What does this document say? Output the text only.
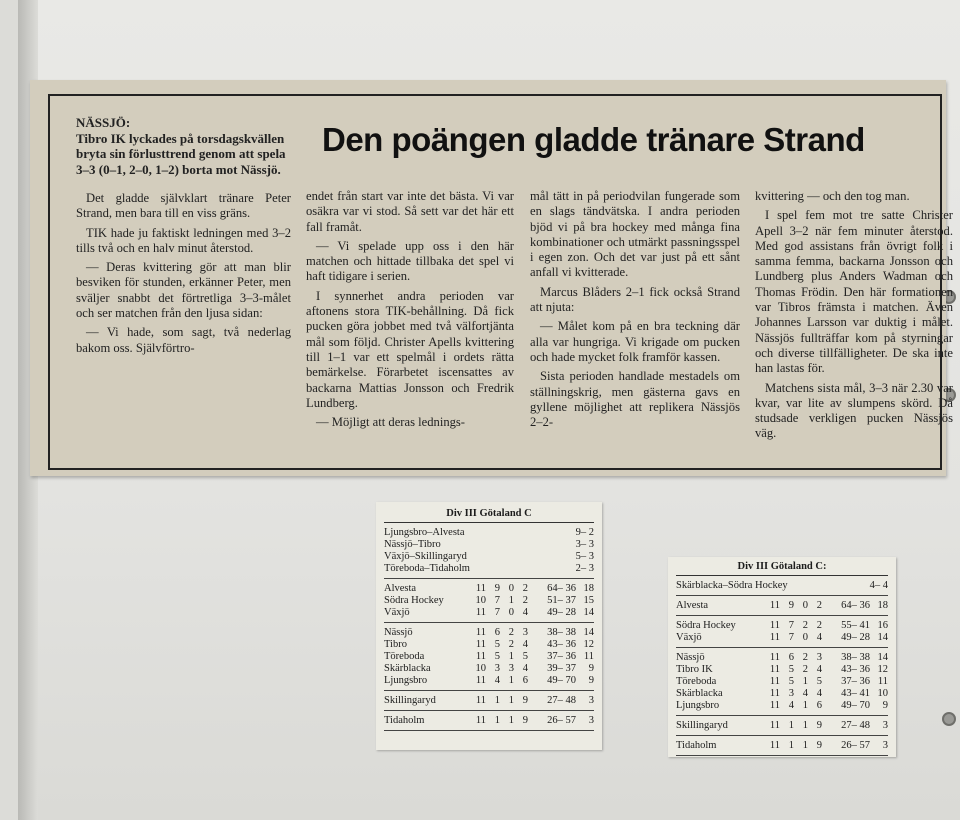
Den poängen gladde tränare Strand
NÄSSJÖ:
Tibro IK lyckades på torsdagskvällen bryta sin förlusttrend genom att spela 3–3 (0–1, 2–0, 1–2) borta mot Nässjö.

Det gladde självklart tränare Peter Strand, men bara till en viss gräns.

TIK hade ju faktiskt ledningen med 3–2 tills två och en halv minut återstod.

— Deras kvittering gör att man blir besviken för stunden, erkänner Peter, men sväljer snabbt det förtretliga 3–3-målet och ser matchen från den ljusa sidan:

— Vi hade, som sagt, två nederlag bakom oss. Självförtro-

endet från start var inte det bästa. Vi var osäkra var vi stod. Så sett var det här ett fall framåt.

— Vi spelade upp oss i den här matchen och hittade tillbaka det spel vi haft tidigare i serien.

I synnerhet andra perioden var aftonens stora TIK-behållning. Då fick pucken göra jobbet med två välfortjänta mål som följd. Christer Apells kvittering till 1–1 var ett spelmål i ordets rätta bemärkelse. Förarbetet iscensattes av backarna Mattias Jonsson och Fredrik Lundberg.

— Möjligt att deras lednings-

mål tätt in på periodvilan fungerade som en slags tändvätska. I andra perioden bjöd vi på bra hockey med många fina kombinationer och utmärkt passningsspel i egen zon. Och det var just på ett sånt anfall vi kvitterade.

Marcus Blåders 2–1 fick också Strand att njuta:

— Målet kom på en bra teckning där alla var hungriga. Vi krigade om pucken och hade mycket folk framför kassen.

Sista perioden handlade mestadels om ställningskrig, men gästerna gavs en gyllene möjlighet att replikera Nässjös 2–2-

kvittering — och den tog man.

I spel fem mot tre satte Christer Apell 3–2 när fem minuter återstod. Med god assistans från övrigt folk i samma femma, backarna Jonsson och Lundberg plus Anders Wadman och Thomas Frödin. Den här formationen var Tibros främsta i matchen. Även Johannes Larsson var duktig i målet. Nässjös fullträffar kom på styrningar och diverse tillfälligheter. De ska inte han lastas för.

Matchens sista mål, 3–3 när 2.30 var kvar, var lite av slumpens skörd. Då studsade verkligen pucken Nässjös väg.

Div III Götaland C
Ljungsbro–Alvesta	9– 2
Nässjö–Tibro	3– 3
Växjö–Skillingaryd	5– 3
Töreboda–Tidaholm	2– 3
Alvesta	11 9 0 2	64– 36 18
Södra Hockey	10 7 1 2	51– 37 15
Växjö	11 7 0 4	49– 28 14
Nässjö	11 6 2 3	38– 38 14
Tibro	11 5 2 4	43– 36 12
Töreboda	11 5 1 5	37– 36 11
Skärblacka	10 3 3 4	39– 37	9
Ljungsbro	11 4 1 6	49– 70	9
Skillingaryd	11 1 1 9	27– 48	3
Tidaholm	11 1 1 9	26– 57	3
Div III Götaland C:
Skärblacka–Södra Hockey	4– 4
Alvesta	11 9 0 2	64– 36 18
Södra Hockey	11 7 2 2	55– 41 16
Växjö	11 7 0 4	49– 28 14
Nässjö	11 6 2 3	38– 38 14
Tibro IK	11 5 2 4	43– 36 12
Töreboda	11 5 1 5	37– 36 11
Skärblacka	11 3 4 4	43– 41 10
Ljungsbro	11 4 1 6	49– 70	9
Skillingaryd	11 1 1 9	27– 48	3
Tidaholm	11 1 1 9	26– 57	3
